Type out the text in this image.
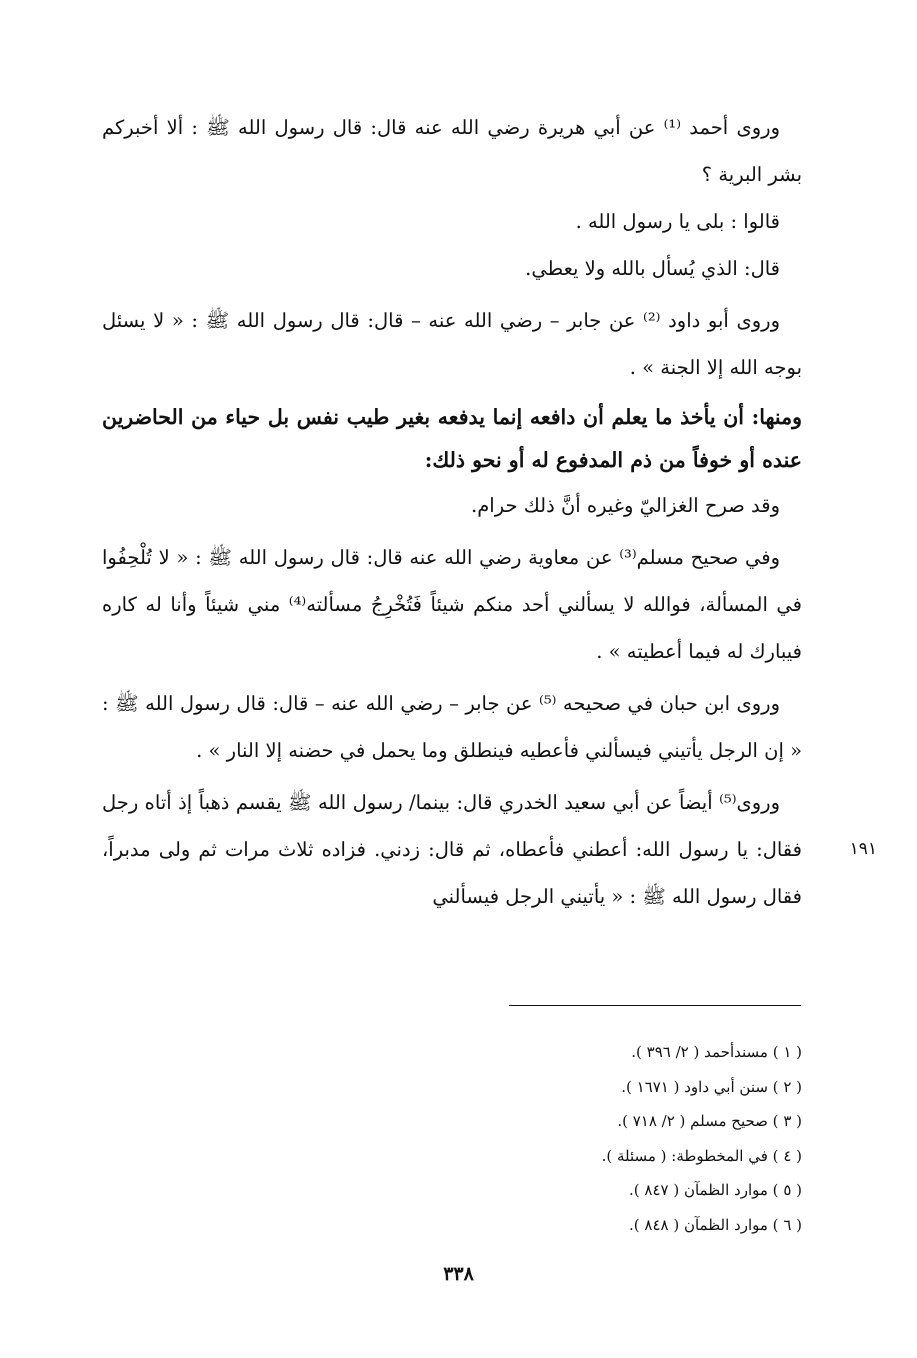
وروى أحمد ⁽¹⁾ عن أبي هريرة رضي الله عنه قال: قال رسول الله ﷺ : ألا أخبركم بشر البرية ؟

قالوا : بلى يا رسول الله .

قال: الذي يُسأل بالله ولا يعطي.

وروى أبو داود ⁽²⁾ عن جابر – رضي الله عنه – قال: قال رسول الله ﷺ : « لا يسئل بوجه الله إلا الجنة » .

ومنها: أن يأخذ ما يعلم أن دافعه إنما يدفعه بغير طيب نفس بل حياء من الحاضرين عنده أو خوفاً من ذم المدفوع له أو نحو ذلك:

وقد صرح الغزاليّ وغيره أنَّ ذلك حرام.

وفي صحيح مسلم⁽³⁾ عن معاوية رضي الله عنه قال: قال رسول الله ﷺ : « لا تُلْحِفُوا في المسألة، فوالله لا يسألني أحد منكم شيئاً فَتُخْرِجُ مسألته⁽⁴⁾ مني شيئاً وأنا له كاره فيبارك له فيما أعطيته » .

وروى ابن حبان في صحيحه ⁽⁵⁾ عن جابر – رضي الله عنه – قال: قال رسول الله ﷺ : « إن الرجل يأتيني فيسألني فأعطيه فينطلق وما يحمل في حضنه إلا النار » .

وروى⁽⁵⁾ أيضاً عن أبي سعيد الخدري قال: بينما/ رسول الله ﷺ يقسم ذهباً إذ أتاه رجل فقال: يا رسول الله: أعطني فأعطاه، ثم قال: زدني. فزاده ثلاث مرات ثم ولى مدبراً، فقال رسول الله ﷺ : « يأتيني الرجل فيسألني

١٩١
( ١ ) مسندأحمد ( ٢/ ٣٩٦ ).
( ٢ ) سنن أبي داود ( ١٦٧١ ).
( ٣ ) صحيح مسلم ( ٢/ ٧١٨ ).
( ٤ ) في المخطوطة: ( مسئلة ).
( ٥ ) موارد الظمآن ( ٨٤٧ ).
( ٦ ) موارد الظمآن ( ٨٤٨ ).
٣٣٨
